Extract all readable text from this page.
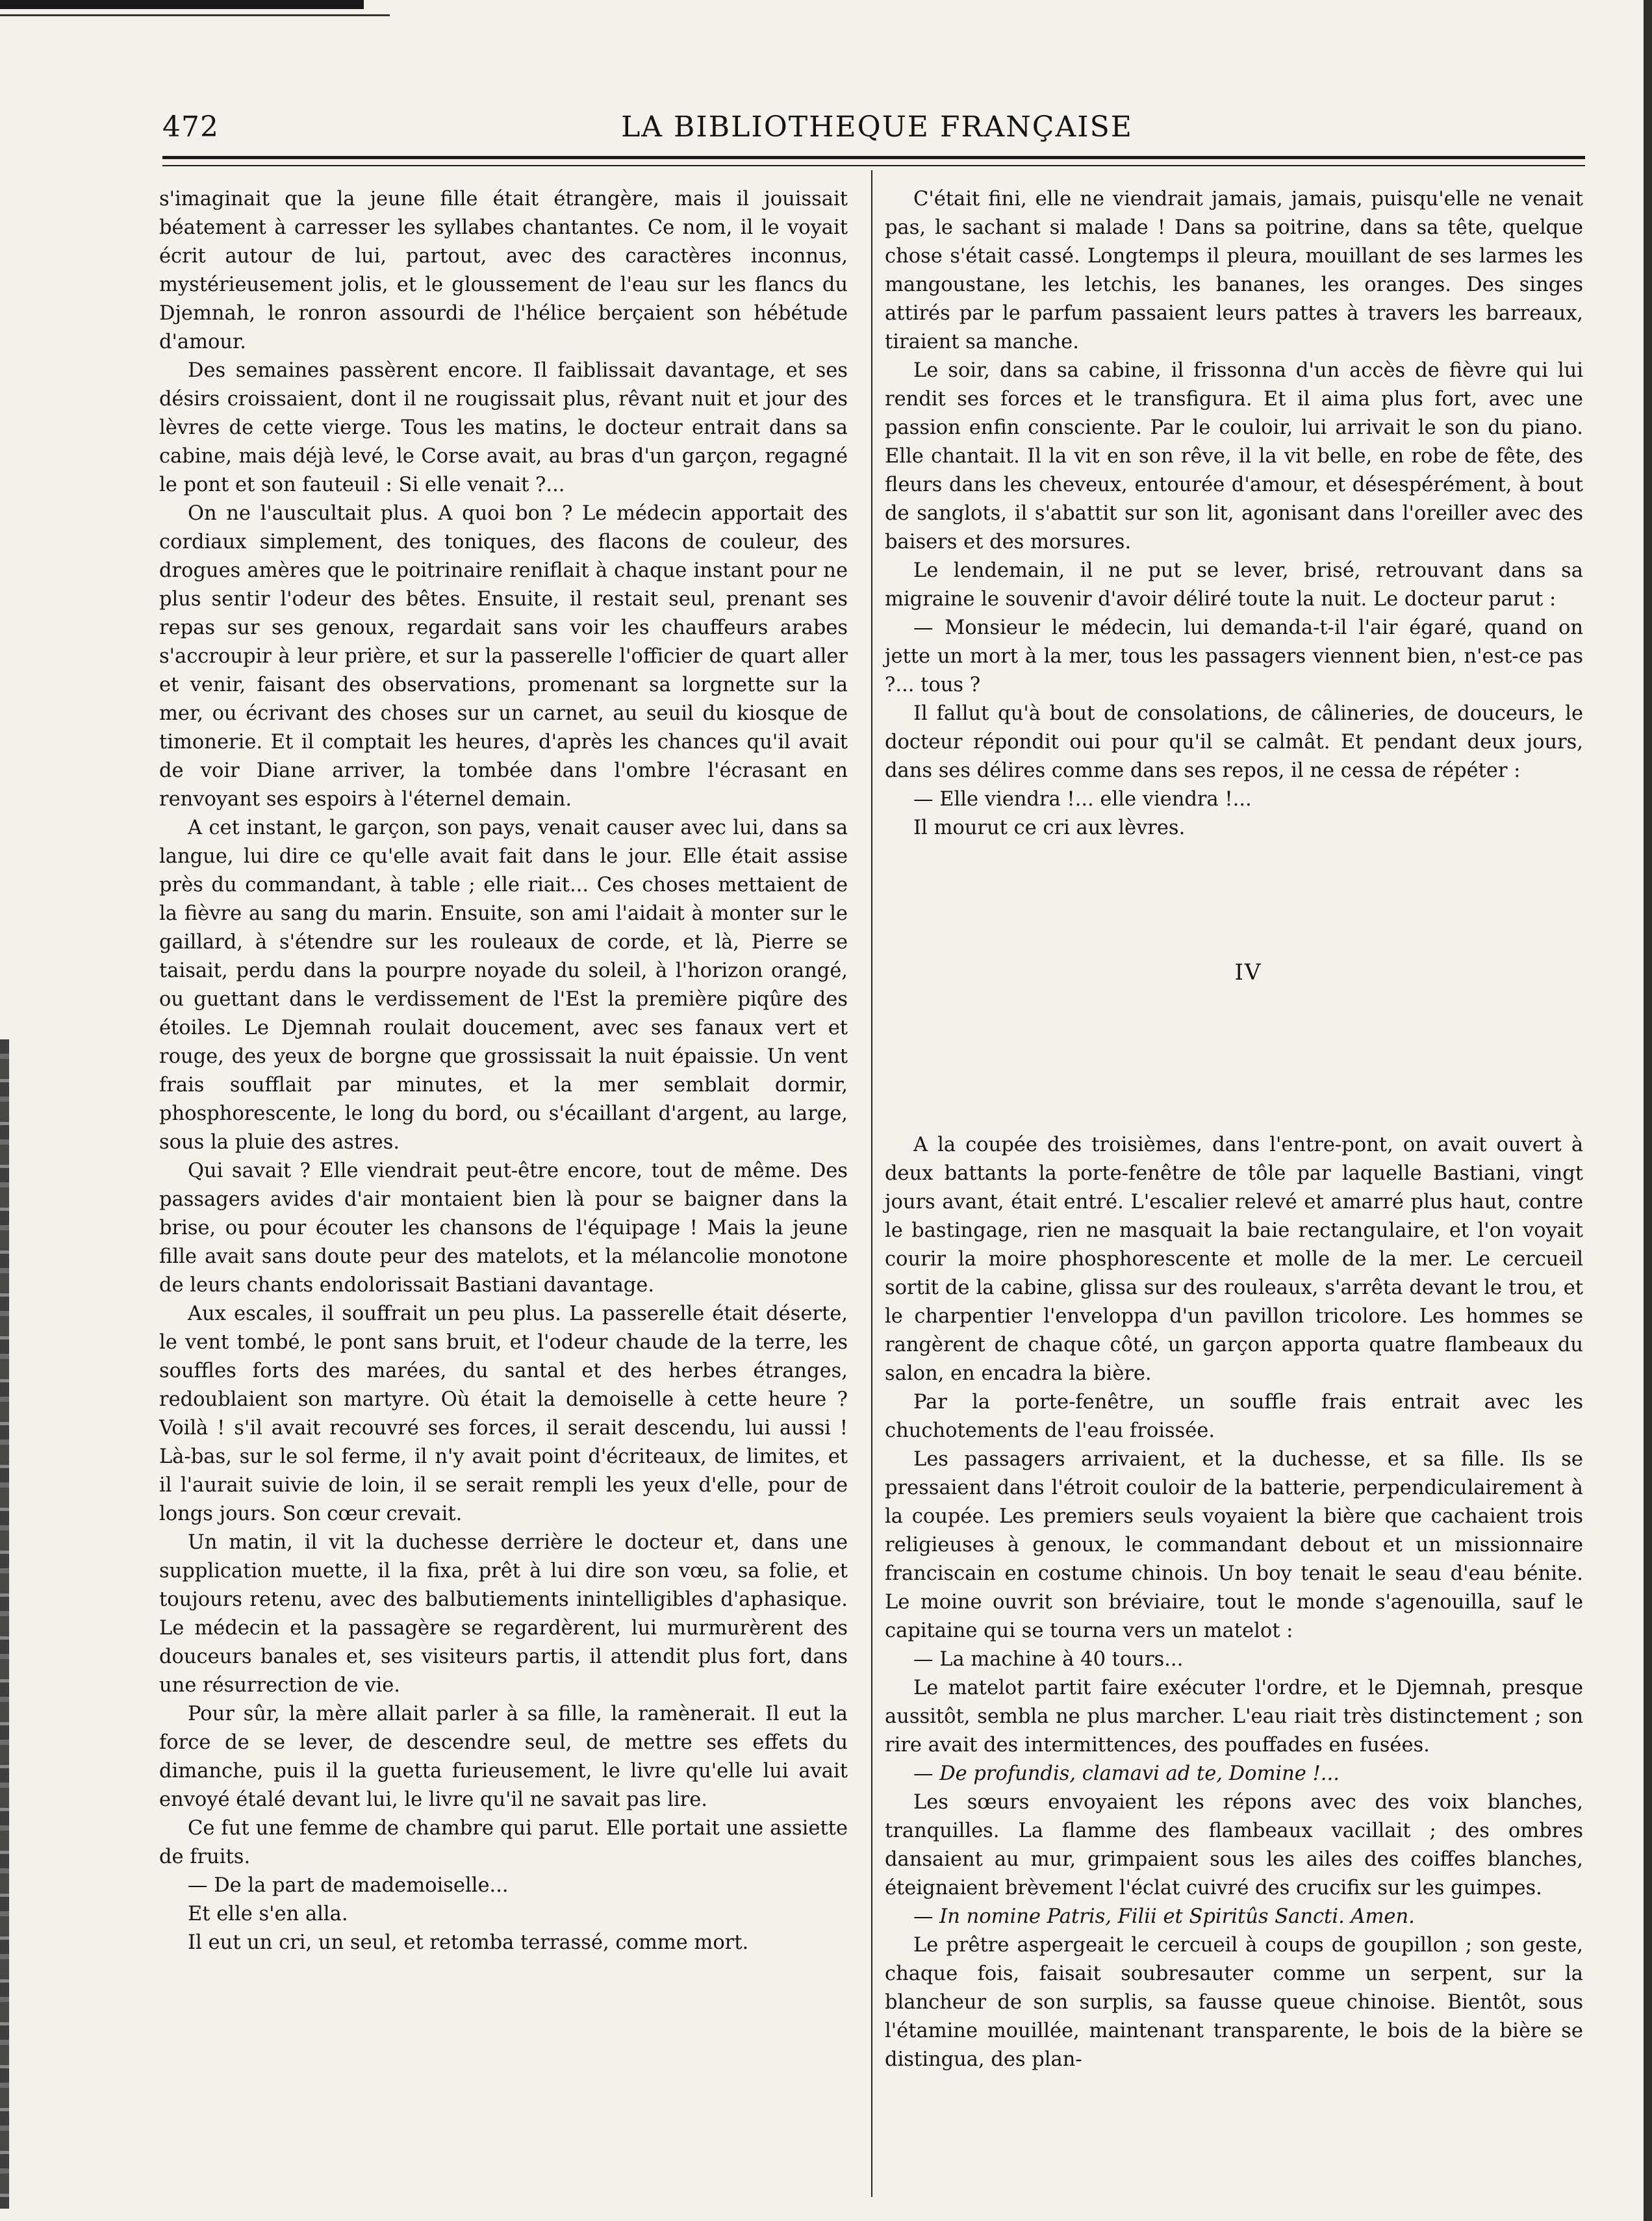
472	LA BIBLIOTHEQUE FRANÇAISE

s'imaginait que la jeune fille était étrangère, mais il jouissait béatement à carresser les syllabes chantantes. Ce nom, il le voyait écrit autour de lui, partout, avec des caractères inconnus, mystérieusement jolis, et le gloussement de l'eau sur les flancs du Djemnah, le ronron assourdi de l'hélice berçaient son hébétude d'amour.

Des semaines passèrent encore. Il faiblissait davantage, et ses désirs croissaient, dont il ne rougissait plus, rêvant nuit et jour des lèvres de cette vierge. Tous les matins, le docteur entrait dans sa cabine, mais déjà levé, le Corse avait, au bras d'un garçon, regagné le pont et son fauteuil : Si elle venait ?...

On ne l'auscultait plus. A quoi bon ? Le médecin apportait des cordiaux simplement, des toniques, des flacons de couleur, des drogues amères que le poitrinaire reniflait à chaque instant pour ne plus sentir l'odeur des bêtes. Ensuite, il restait seul, prenant ses repas sur ses genoux, regardait sans voir les chauffeurs arabes s'accroupir à leur prière, et sur la passerelle l'officier de quart aller et venir, faisant des observations, promenant sa lorgnette sur la mer, ou écrivant des choses sur un carnet, au seuil du kiosque de timonerie. Et il comptait les heures, d'après les chances qu'il avait de voir Diane arriver, la tombée dans l'ombre l'écrasant en renvoyant ses espoirs à l'éternel demain.

A cet instant, le garçon, son pays, venait causer avec lui, dans sa langue, lui dire ce qu'elle avait fait dans le jour. Elle était assise près du commandant, à table ; elle riait... Ces choses mettaient de la fièvre au sang du marin. Ensuite, son ami l'aidait à monter sur le gaillard, à s'étendre sur les rouleaux de corde, et là, Pierre se taisait, perdu dans la pourpre noyade du soleil, à l'horizon orangé, ou guettant dans le verdissement de l'Est la première piqûre des étoiles. Le Djemnah roulait doucement, avec ses fanaux vert et rouge, des yeux de borgne que grossissait la nuit épaissie. Un vent frais soufflait par minutes, et la mer semblait dormir, phosphorescente, le long du bord, ou s'écaillant d'argent, au large, sous la pluie des astres.

Qui savait ? Elle viendrait peut-être encore, tout de même. Des passagers avides d'air montaient bien là pour se baigner dans la brise, ou pour écouter les chansons de l'équipage ! Mais la jeune fille avait sans doute peur des matelots, et la mélancolie monotone de leurs chants endolorissait Bastiani davantage.

Aux escales, il souffrait un peu plus. La passerelle était déserte, le vent tombé, le pont sans bruit, et l'odeur chaude de la terre, les souffles forts des marées, du santal et des herbes étranges, redoublaient son martyre. Où était la demoiselle à cette heure ? Voilà ! s'il avait recouvré ses forces, il serait descendu, lui aussi ! Là-bas, sur le sol ferme, il n'y avait point d'écriteaux, de limites, et il l'aurait suivie de loin, il se serait rempli les yeux d'elle, pour de longs jours. Son cœur crevait.

Un matin, il vit la duchesse derrière le docteur et, dans une supplication muette, il la fixa, prêt à lui dire son vœu, sa folie, et toujours retenu, avec des balbutiements inintelligibles d'aphasique. Le médecin et la passagère se regardèrent, lui murmurèrent des douceurs banales et, ses visiteurs partis, il attendit plus fort, dans une résurrection de vie.

Pour sûr, la mère allait parler à sa fille, la ramènerait. Il eut la force de se lever, de descendre seul, de mettre ses effets du dimanche, puis il la guetta furieusement, le livre qu'elle lui avait envoyé étalé devant lui, le livre qu'il ne savait pas lire.

Ce fut une femme de chambre qui parut. Elle portait une assiette de fruits.

— De la part de mademoiselle...

Et elle s'en alla.

Il eut un cri, un seul, et retomba terrassé, comme mort.

C'était fini, elle ne viendrait jamais, jamais, puisqu'elle ne venait pas, le sachant si malade ! Dans sa poitrine, dans sa tête, quelque chose s'était cassé. Longtemps il pleura, mouillant de ses larmes les mangoustane, les letchis, les bananes, les oranges. Des singes attirés par le parfum passaient leurs pattes à travers les barreaux, tiraient sa manche.

Le soir, dans sa cabine, il frissonna d'un accès de fièvre qui lui rendit ses forces et le transfigura. Et il aima plus fort, avec une passion enfin consciente. Par le couloir, lui arrivait le son du piano. Elle chantait. Il la vit en son rêve, il la vit belle, en robe de fête, des fleurs dans les cheveux, entourée d'amour, et désespérément, à bout de sanglots, il s'abattit sur son lit, agonisant dans l'oreiller avec des baisers et des morsures.

Le lendemain, il ne put se lever, brisé, retrouvant dans sa migraine le souvenir d'avoir déliré toute la nuit. Le docteur parut :

— Monsieur le médecin, lui demanda-t-il l'air égaré, quand on jette un mort à la mer, tous les passagers viennent bien, n'est-ce pas ?... tous ?

Il fallut qu'à bout de consolations, de câlineries, de douceurs, le docteur répondit oui pour qu'il se calmât. Et pendant deux jours, dans ses délires comme dans ses repos, il ne cessa de répéter :

— Elle viendra !... elle viendra !...

Il mourut ce cri aux lèvres.

IV

A la coupée des troisièmes, dans l'entre-pont, on avait ouvert à deux battants la porte-fenêtre de tôle par laquelle Bastiani, vingt jours avant, était entré. L'escalier relevé et amarré plus haut, contre le bastingage, rien ne masquait la baie rectangulaire, et l'on voyait courir la moire phosphorescente et molle de la mer. Le cercueil sortit de la cabine, glissa sur des rouleaux, s'arrêta devant le trou, et le charpentier l'enveloppa d'un pavillon tricolore. Les hommes se rangèrent de chaque côté, un garçon apporta quatre flambeaux du salon, en encadra la bière.

Par la porte-fenêtre, un souffle frais entrait avec les chuchotements de l'eau froissée.

Les passagers arrivaient, et la duchesse, et sa fille. Ils se pressaient dans l'étroit couloir de la batterie, perpendiculairement à la coupée. Les premiers seuls voyaient la bière que cachaient trois religieuses à genoux, le commandant debout et un missionnaire franciscain en costume chinois. Un boy tenait le seau d'eau bénite. Le moine ouvrit son bréviaire, tout le monde s'agenouilla, sauf le capitaine qui se tourna vers un matelot :

— La machine à 40 tours...

Le matelot partit faire exécuter l'ordre, et le Djemnah, presque aussitôt, sembla ne plus marcher. L'eau riait très distinctement ; son rire avait des intermittences, des pouffades en fusées.

— De profundis, clamavi ad te, Domine !...

Les sœurs envoyaient les répons avec des voix blanches, tranquilles. La flamme des flambeaux vacillait ; des ombres dansaient au mur, grimpaient sous les ailes des coiffes blanches, éteignaient brèvement l'éclat cuivré des crucifix sur les guimpes.

— In nomine Patris, Filii et Spiritûs Sancti. Amen.

Le prêtre aspergeait le cercueil à coups de goupillon ; son geste, chaque fois, faisait soubresauter comme un serpent, sur la blancheur de son surplis, sa fausse queue chinoise. Bientôt, sous l'étamine mouillée, maintenant transparente, le bois de la bière se distingua, des plan-
